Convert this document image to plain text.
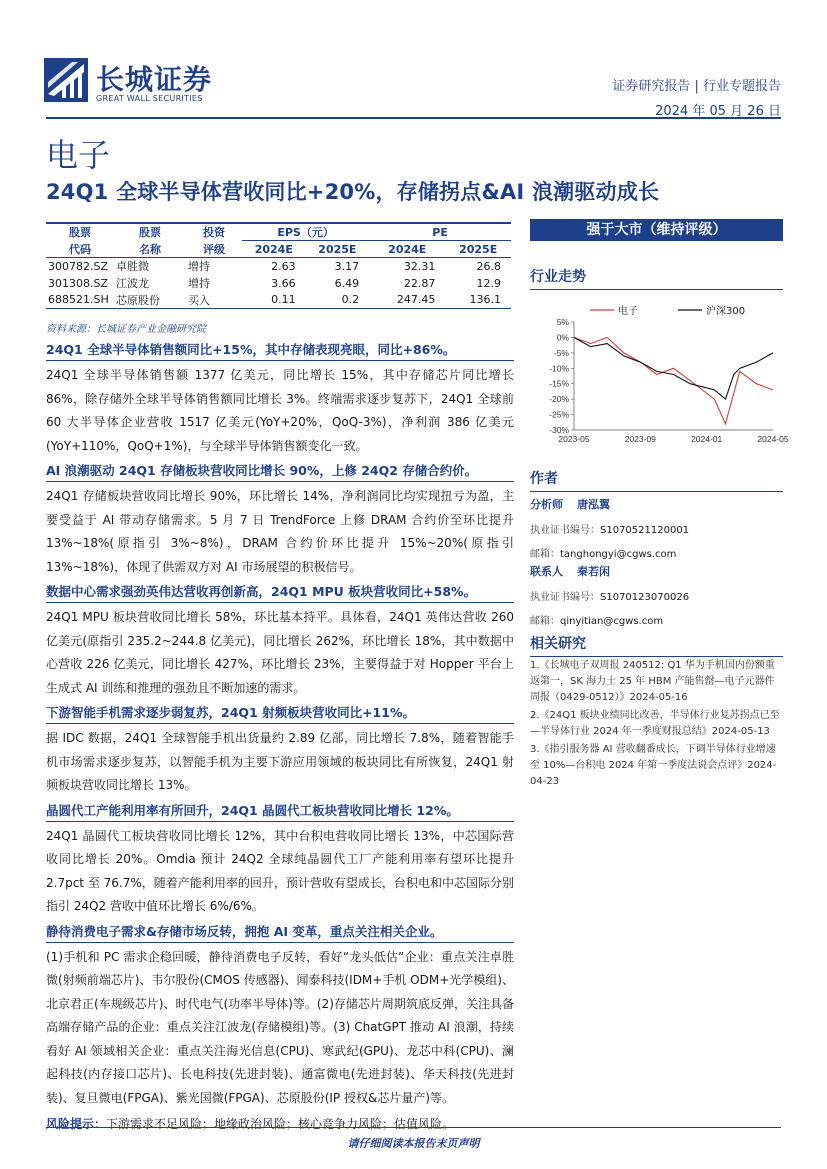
长城证券
GREAT WALL SECURITIES
证券研究报告 | 行业专题报告
2024 年 05 月 26 日
电子
24Q1 全球半导体营收同比+20%，存储拐点&AI 浪潮驱动成长
股票	股票	投资	EPS（元）		PE	
代码	名称	评级	2024E	2025E	2024E	2025E
300782.SZ	卓胜微	增持	2.63	3.17	32.31	26.8
301308.SZ	江波龙	增持	3.66	6.49	22.87	12.9
688521.SH	芯原股份	买入	0.11	0.2	247.45	136.1
资料来源：长城证券产业金融研究院
强于大市（维持评级）
行业走势
5%
0%
-5%
-10%
-15%
-20%
-25%
-30%
2023-05	2023-09	2024-01	2024-05
电子	沪深300
作者
分析师 唐泓翼
执业证书编号：S1070521120001
邮箱：tanghongyi@cgws.com
联系人 秦若闲
执业证书编号：S1070123070026
邮箱：qinyitian@cgws.com
相关研究
1.《长城电子双周报 240512: Q1 华为手机国内份额重返第一，SK 海力士 25 年 HBM 产能售罄—电子元器件周报（0429-0512）》2024-05-16
2.《24Q1 板块业绩同比改善，半导体行业复苏拐点已至—半导体行业 2024 年一季度财报总结》2024-05-13
3.《指引服务器 AI 营收翻番成长，下调半导体行业增速至 10%—台积电 2024 年第一季度法说会点评》2024-04-23
24Q1 全球半导体销售额同比+15%，其中存储表现亮眼，同比+86%。
24Q1 全球半导体销售额 1377 亿美元，同比增长 15%，其中存储芯片同比增长 86%，除存储外全球半导体销售额同比增长 3%。终端需求逐步复苏下，24Q1 全球前 60 大半导体企业营收 1517 亿美元(YoY+20%，QoQ-3%)，净利润 386 亿美元(YoY+110%，QoQ+1%)，与全球半导体销售额变化一致。
AI 浪潮驱动 24Q1 存储板块营收同比增长 90%，上修 24Q2 存储合约价。
24Q1 存储板块营收同比增长 90%，环比增长 14%，净利润同比均实现扭亏为盈，主要受益于 AI 带动存储需求。5 月 7 日 TrendForce 上修 DRAM 合约价至环比提升 13%~18%(原指引 3%~8%)，DRAM 合约价环比提升 15%~20%(原指引 13%~18%)，体现了供需双方对 AI 市场展望的积极信号。
数据中心需求强劲英伟达营收再创新高，24Q1 MPU 板块营收同比+58%。
24Q1 MPU 板块营收同比增长 58%，环比基本持平。具体看，24Q1 英伟达营收 260 亿美元(原指引 235.2~244.8 亿美元)，同比增长 262%，环比增长 18%，其中数据中心营收 226 亿美元，同比增长 427%，环比增长 23%，主要得益于对 Hopper 平台上生成式 AI 训练和推理的强劲且不断加速的需求。
下游智能手机需求逐步弱复苏，24Q1 射频板块营收同比+11%。
据 IDC 数据，24Q1 全球智能手机出货量约 2.89 亿部，同比增长 7.8%，随着智能手机市场需求逐步复苏，以智能手机为主要下游应用领域的板块同比有所恢复，24Q1 射频板块营收同比增长 13%。
晶圆代工产能利用率有所回升，24Q1 晶圆代工板块营收同比增长 12%。
24Q1 晶圆代工板块营收同比增长 12%，其中台积电营收同比增长 13%，中芯国际营收同比增长 20%。Omdia 预计 24Q2 全球纯晶圆代工厂产能利用率有望环比提升 2.7pct 至 76.7%，随着产能利用率的回升，预计营收有望成长，台积电和中芯国际分别指引 24Q2 营收中值环比增长 6%/6%。
静待消费电子需求&存储市场反转，拥抱 AI 变革，重点关注相关企业。
(1)手机和 PC 需求企稳回暖，静待消费电子反转，看好“龙头低估”企业：重点关注卓胜微(射频前端芯片)、韦尔股份(CMOS 传感器)、闻泰科技(IDM+手机 ODM+光学模组)、北京君正(车规级芯片)、时代电气(功率半导体)等。(2)存储芯片周期筑底反弹，关注具备高端存储产品的企业：重点关注江波龙(存储模组)等。(3) ChatGPT 推动 AI 浪潮，持续看好 AI 领域相关企业：重点关注海光信息(CPU)、寒武纪(GPU)、龙芯中科(CPU)、澜起科技(内存接口芯片)、长电科技(先进封装)、通富微电(先进封装)、华天科技(先进封装)、复旦微电(FPGA)、紫光国微(FPGA)、芯原股份(IP 授权&芯片量产)等。
风险提示：下游需求不足风险；地缘政治风险；核心竞争力风险；估值风险。
请仔细阅读本报告末页声明
